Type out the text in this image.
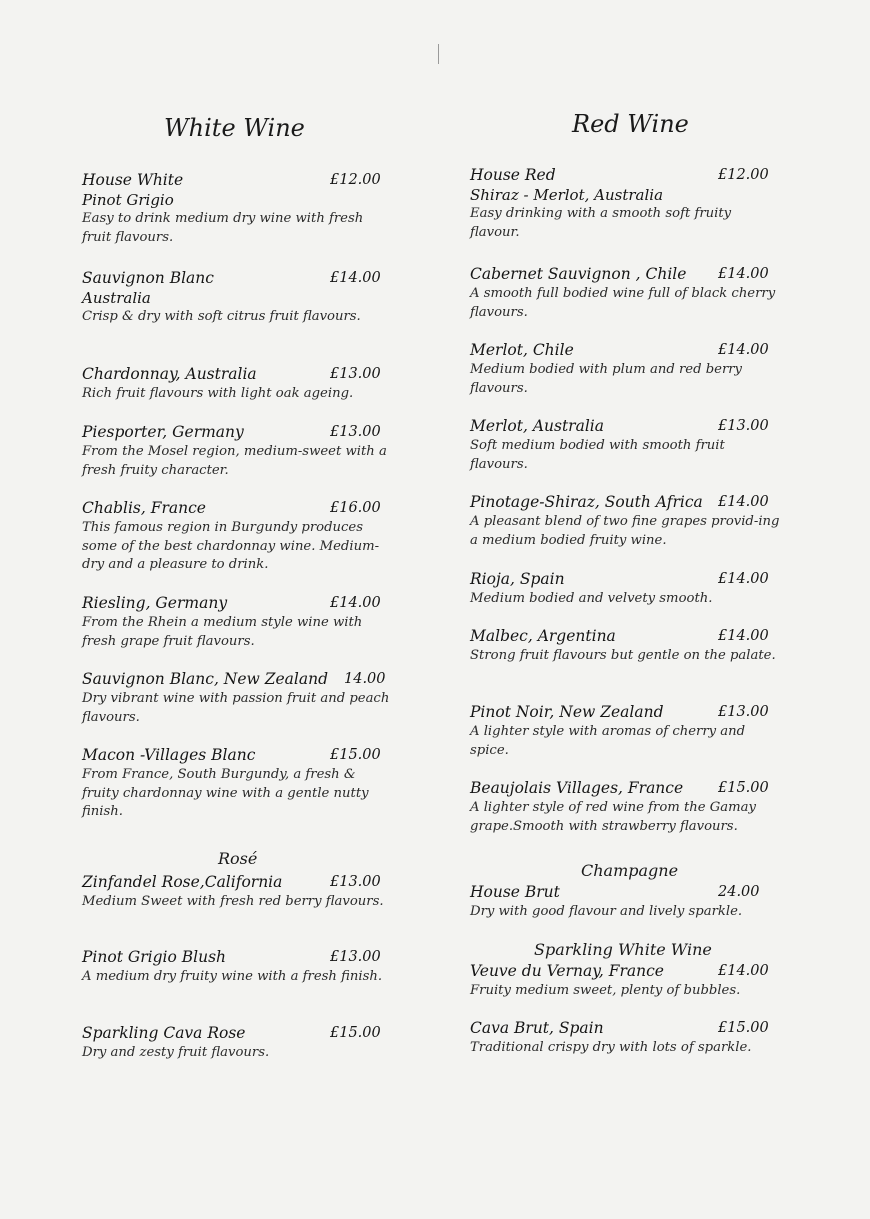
White Wine
House White	£12.00
Pinot Grigio
Easy to drink medium dry wine with fresh fruit flavours.
Sauvignon Blanc	£14.00
Australia
Crisp & dry with soft citrus fruit flavours.
Chardonnay, Australia	£13.00
Rich fruit flavours with light oak ageing.
Piesporter, Germany	£13.00
From the Mosel region, medium-sweet with a fresh fruity character.
Chablis, France	£16.00
This famous region in Burgundy produces some of the best chardonnay wine. Medium-dry and a pleasure to drink.
Riesling, Germany	£14.00
From the Rhein a medium style wine with fresh grape fruit flavours.
Sauvignon Blanc, New Zealand 14.00
Dry vibrant wine with passion fruit and peach flavours.
Macon -Villages Blanc	£15.00
From France, South Burgundy, a fresh & fruity chardonnay wine with a gentle nutty finish.
Rosé
Zinfandel Rose,California	£13.00
Medium Sweet with fresh red berry flavours.
Pinot Grigio Blush	£13.00
A medium dry fruity wine with a fresh finish.
Sparkling Cava Rose	£15.00
Dry and zesty fruit flavours.
Red Wine
House Red	£12.00
Shiraz - Merlot, Australia
Easy drinking with a smooth soft fruity flavour.
Cabernet Sauvignon , Chile £14.00
A smooth full bodied wine full of black cherry flavours.
Merlot, Chile	£14.00
Medium bodied with plum and red berry flavours.
Merlot, Australia	£13.00
Soft medium bodied with smooth fruit flavours.
Pinotage-Shiraz, South Africa £14.00
A pleasant blend of two fine grapes provid-ing a medium bodied fruity wine.
Rioja, Spain	£14.00
Medium bodied and velvety smooth.
Malbec, Argentina	£14.00
Strong fruit flavours but gentle on the palate.
Pinot Noir, New Zealand	£13.00
A lighter style with aromas of cherry and spice.
Beaujolais Villages, France £15.00
A lighter style of red wine from the Gamay grape.Smooth with strawberry flavours.
Champagne
House Brut	24.00
Dry with good flavour and lively sparkle.
Sparkling White Wine
Veuve du Vernay, France	£14.00
Fruity medium sweet, plenty of bubbles.
Cava Brut, Spain	£15.00
Traditional crispy dry with lots of sparkle.
